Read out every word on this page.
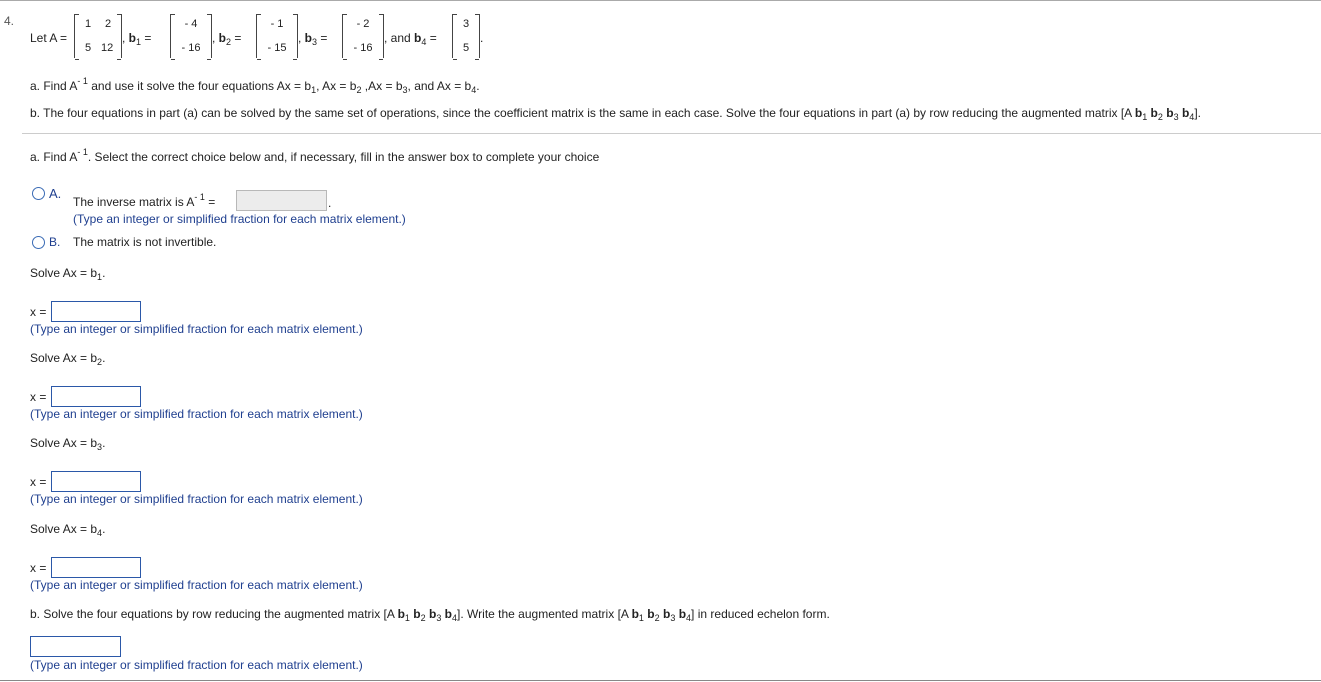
4.
Let A =
1 2
5 12
, $b_1$ =
- 4
- 16
, $b_2$ =
- 1
- 15
, $b_3$ =
- 2
- 16
, and $b_4$ =
3
5
.
a. Find $A^{- 1}$ and use it solve the four equations $Ax = b_1$, $Ax = b_2$ $,Ax = b_3$, and $Ax = b_4$.
b. The four equations in part (a) can be solved by the same set of operations, since the coefficient matrix is the same in each case. Solve the four equations in part (a) by row reducing the augmented matrix [A $b_1$ $b_2$ $b_3$ $b_4$].
a. Find $A^{- 1}$. Select the correct choice below and, if necessary, fill in the answer box to complete your choice
A.
The inverse matrix is $A^{- 1}$ =	.
(Type an integer or simplified fraction for each matrix element.)
B. The matrix is not invertible.
Solve $Ax = b_1$.
x =
(Type an integer or simplified fraction for each matrix element.)
Solve $Ax = b_2$.
x =
(Type an integer or simplified fraction for each matrix element.)
Solve $Ax = b_3$.
x =
(Type an integer or simplified fraction for each matrix element.)
Solve $Ax = b_4$.
x =
(Type an integer or simplified fraction for each matrix element.)
b. Solve the four equations by row reducing the augmented matrix [A $b_1$ $b_2$ $b_3$ $b_4$]. Write the augmented matrix [A $b_1$ $b_2$ $b_3$ $b_4$] in reduced echelon form.
(Type an integer or simplified fraction for each matrix element.)
